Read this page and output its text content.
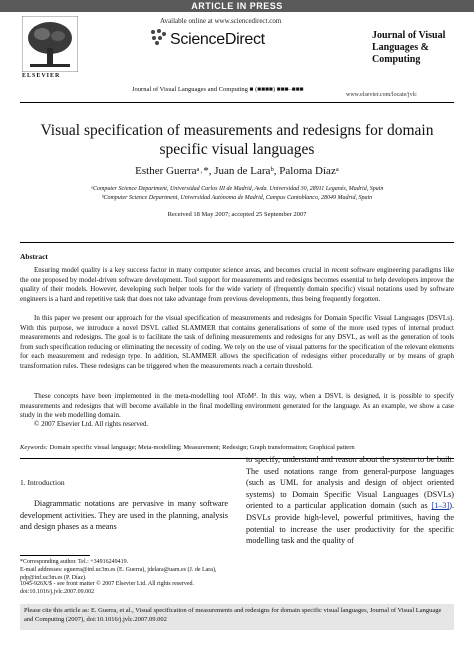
ARTICLE IN PRESS
ELSEVIER
Available online at www.sciencedirect.com
ScienceDirect
Journal of Visual Languages and Computing ■ (■■■■) ■■■–■■■
Journal of Visual Languages & Computing
www.elsevier.com/locate/jvlc
Visual specification of measurements and redesigns for domain specific visual languages
Esther Guerraᵃ˒*, Juan de Laraᵇ, Paloma Díazᵃ
ᵃComputer Science Department, Universidad Carlos III de Madrid, Avda. Universidad 30, 28911 Leganés, Madrid, Spain
ᵇComputer Science Department, Universidad Autónoma de Madrid, Campus Cantoblanco, 28049 Madrid, Spain
Received 18 May 2007; accepted 25 September 2007
Abstract
Ensuring model quality is a key success factor in many computer science areas, and becomes crucial in recent software engineering paradigms like the one proposed by model-driven software development. Tool support for measurements and redesigns becomes essential to help developers improve the quality of their models. However, developing such helper tools for the wide variety of (frequently domain specific) visual notations used by software engineers is a hard and repetitive task that does not take advantage from previous developments, thus being frequently forgotten.
In this paper we present our approach for the visual specification of measurements and redesigns for Domain Specific Visual Languages (DSVLs). With this purpose, we introduce a novel DSVL called SLAMMER that contains generalisations of some of the more used types of internal product measurements and redesigns. The goal is to facilitate the task of defining measurements and redesigns for any DSVL, as well as the generation of tools from such specification reducing or eliminating the necessity of coding. We rely on the use of visual patterns for the specification of the relevant elements for each measurement and redesign type. In addition, SLAMMER allows the specification of redesigns either procedurally or by means of graph transformation rules. These redesigns can be triggered when the measurements reach a certain threshold.
These concepts have been implemented in the meta-modelling tool AToM³. In this way, when a DSVL is designed, it is possible to specify measurements and redesigns that will become available in the final modelling environment generated for the language. As an example, we show a case study in the web modelling domain.
© 2007 Elsevier Ltd. All rights reserved.
Keywords: Domain specific visual language; Meta-modelling; Measurement; Redesign; Graph transformation; Graphical pattern
1. Introduction
Diagrammatic notations are pervasive in many software development activities. They are used in the planning, analysis and design phases as a means
to specify, understand and reason about the system to be built. The used notations range from general-purpose languages (such as UML for analysis and design of object oriented systems) to Domain Specific Visual Languages (DSVLs) oriented to a particular application domain (such as [1–3]). DSVLs provide high-level, powerful primitives, having the potential to increase the user productivity for the specific modelling task and the quality of
*Corresponding author. Tel.: +34916249419.
E-mail addresses: eguerra@inf.uc3m.es (E. Guerra), jdelara@uam.es (J. de Lara), pdp@inf.uc3m.es (P. Díaz).
1045-926X/$ - see front matter © 2007 Elsevier Ltd. All rights reserved.
doi:10.1016/j.jvlc.2007.09.002
Please cite this article as: E. Guerra, et al., Visual specification of measurements and redesigns for domain specific visual languages, Journal of Visual Language and Computing (2007), doi:10.1016/j.jvlc.2007.09.002
